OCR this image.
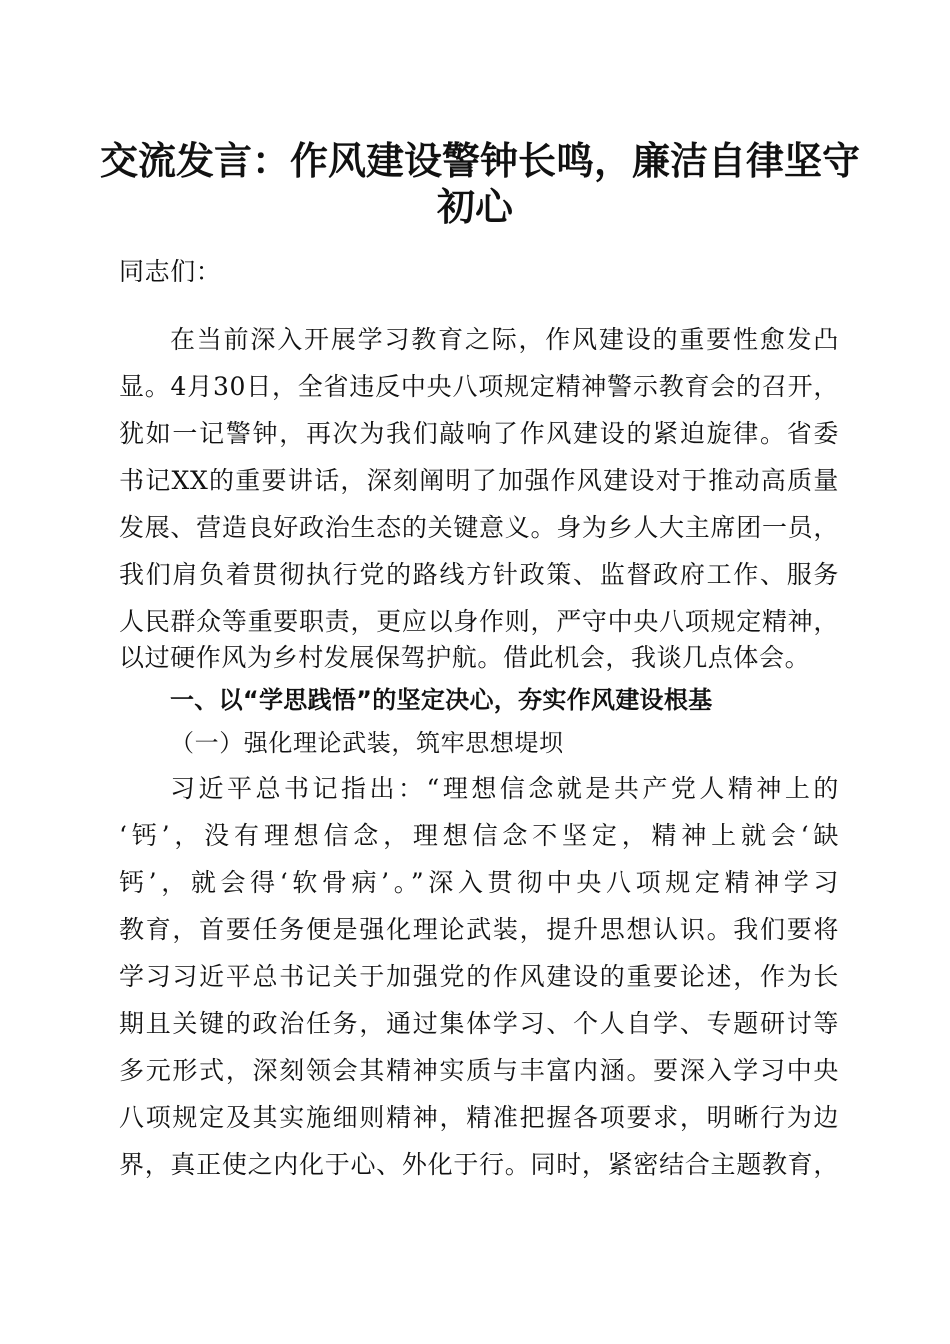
交流发言：作风建设警钟长鸣，廉洁自律坚守
初心

同志们：

在当前深入开展学习教育之际，作风建设的重要性愈发凸

显。4月30日，全省违反中央八项规定精神警示教育会的召开，

犹如一记警钟，再次为我们敲响了作风建设的紧迫旋律。省委

书记XX的重要讲话，深刻阐明了加强作风建设对于推动高质量

发展、营造良好政治生态的关键意义。身为乡人大主席团一员，

我们肩负着贯彻执行党的路线方针政策、监督政府工作、服务

人民群众等重要职责，更应以身作则，严守中央八项规定精神，

以过硬作风为乡村发展保驾护航。借此机会，我谈几点体会。

一、以“学思践悟”的坚定决心，夯实作风建设根基

（一）强化理论武装，筑牢思想堤坝

习近平总书记指出：“理想信念就是共产党人精神上的

‘钙’，没有理想信念，理想信念不坚定，精神上就会‘缺

钙’，就会得‘软骨病’。”深入贯彻中央八项规定精神学习

教育，首要任务便是强化理论武装，提升思想认识。我们要将

学习习近平总书记关于加强党的作风建设的重要论述，作为长

期且关键的政治任务，通过集体学习、个人自学、专题研讨等

多元形式，深刻领会其精神实质与丰富内涵。要深入学习中央

八项规定及其实施细则精神，精准把握各项要求，明晰行为边

界，真正使之内化于心、外化于行。同时，紧密结合主题教育，
